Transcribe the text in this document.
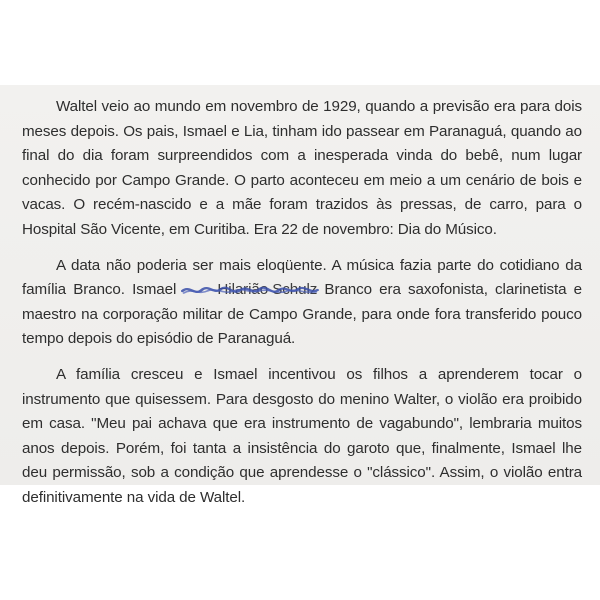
Waltel veio ao mundo em novembro de 1929, quando a previsão era para dois meses depois. Os pais, Ismael e Lia, tinham ido passear em Paranaguá, quando ao final do dia foram surpreendidos com a inesperada vinda do bebê, num lugar conhecido por Campo Grande. O parto aconteceu em meio a um cenário de bois e vacas. O recém-nascido e a mãe foram trazidos às pressas, de carro, para o Hospital São Vicente, em Curitiba. Era 22 de novembro: Dia do Músico.

A data não poderia ser mais eloqüente. A música fazia parte do cotidiano da família Branco. Ismael Hilarião Schulz
Branco era saxofonista, clarinetista e maestro na corporação militar de Campo Grande, para onde fora transferido pouco tempo depois do episódio de Paranaguá.

A família cresceu e Ismael incentivou os filhos a aprenderem tocar o instrumento que quisessem. Para desgosto do menino Walter, o violão era proibido em casa. "Meu pai achava que era instrumento de vagabundo", lembraria muitos anos depois. Porém, foi tanta a insistência do garoto que, finalmente, Ismael lhe deu permissão, sob a condição que aprendesse o "clássico". Assim, o violão entra definitivamente na vida de Waltel.
